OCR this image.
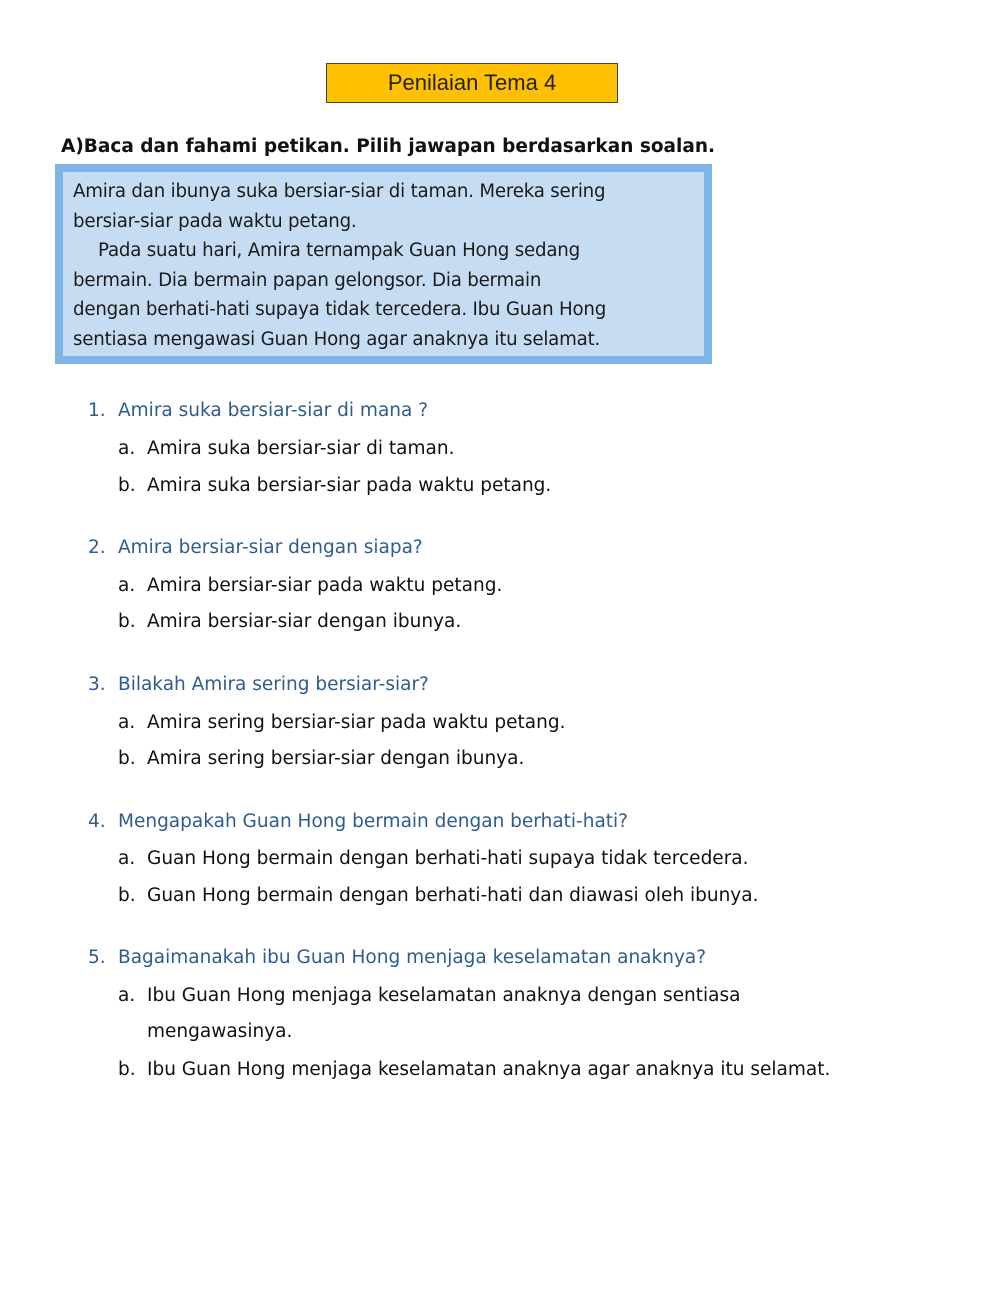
Penilaian Tema 4
A)Baca dan fahami petikan. Pilih jawapan berdasarkan soalan.
Amira dan ibunya suka bersiar-siar di taman. Mereka sering
bersiar-siar pada waktu petang.
Pada suatu hari, Amira ternampak Guan Hong sedang
bermain. Dia bermain papan gelongsor. Dia bermain
dengan berhati-hati supaya tidak tercedera. Ibu Guan Hong
sentiasa mengawasi Guan Hong agar anaknya itu selamat.
1. Amira suka bersiar-siar di mana ?
a. Amira suka bersiar-siar di taman.
b. Amira suka bersiar-siar pada waktu petang.
2. Amira bersiar-siar dengan siapa?
a. Amira bersiar-siar pada waktu petang.
b. Amira bersiar-siar dengan ibunya.
3. Bilakah Amira sering bersiar-siar?
a. Amira sering bersiar-siar pada waktu petang.
b. Amira sering bersiar-siar dengan ibunya.
4. Mengapakah Guan Hong bermain dengan berhati-hati?
a. Guan Hong bermain dengan berhati-hati supaya tidak tercedera.
b. Guan Hong bermain dengan berhati-hati dan diawasi oleh ibunya.
5. Bagaimanakah ibu Guan Hong menjaga keselamatan anaknya?
a. Ibu Guan Hong menjaga keselamatan anaknya dengan sentiasa mengawasinya.
b. Ibu Guan Hong menjaga keselamatan anaknya agar anaknya itu selamat.
